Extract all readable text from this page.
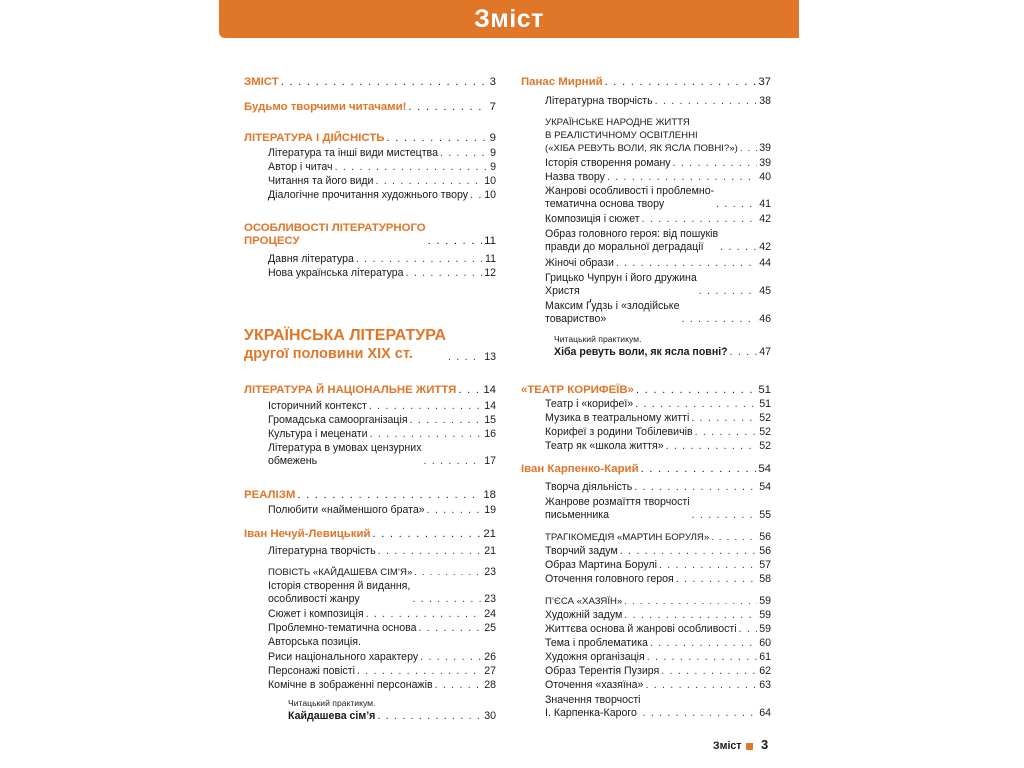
Зміст
ЗМІСТ . . .	3
Будьмо творчими читачами! . . .	7
ЛІТЕРАТУРА І ДІЙСНІСТЬ . . .	9
Література та інші види мистецтва . . .	9
Автор і читач . . .	9
Читання та його види . . .	10
Діалогічне прочитання художнього твору . . . 10
ОСОБЛИВОСТІ ЛІТЕРАТУРНОГО
ПРОЦЕСУ . . .	11
Давня література . . .	11
Нова українська література . . .	12
УКРАЇНСЬКА ЛІТЕРАТУРА
другої половини XIX ст. . . .	13
ЛІТЕРАТУРА Й НАЦІОНАЛЬНЕ ЖИТТЯ . . . 14
Історичний контекст . . .	14
Громадська самоорганізація . . .	15
Культура і меценати . . .	16
Література в умовах цензурних
обмежень . . .	17
РЕАЛІЗМ . . .	18
Полюбити «найменшого брата» . . .	19
Іван Нечуй-Левицький . . .	21
Літературна творчість . . .	21
ПОВІСТЬ «КАЙДАШЕВА СІМ’Я» . . .	23
Історія створення й видання,
особливості жанру . . .	23
Сюжет і композиція . . .	24
Проблемно-тематична основа . . .	25
Авторська позиція.
Риси національного характеру . . .	26
Персонажі повісті . . .	27
Комічне в зображенні персонажів . . .	28
Читацький практикум.
Кайдашева сім’я . . .	30
Панас Мирний . . .	37
Літературна творчість . . .	38
УКРАЇНСЬКЕ НАРОДНЕ ЖИТТЯ
В РЕАЛІСТИЧНОМУ ОСВІТЛЕННІ
(«ХІБА РЕВУТЬ ВОЛИ, ЯК ЯСЛА ПОВНІ?») . . . 39
Історія створення роману . . .	39
Назва твору . . .	40
Жанрові особливості і проблемно-
тематична основа твору . . .	41
Композиція і сюжет . . .	42
Образ головного героя: від пошуків
правди до моральної деградації . . .	42
Жіночі образи . . .	44
Грицько Чупрун і його дружина
Христя . . .	45
Максим Ґудзь і «злодійське
товариство» . . .	46
Читацький практикум.
Хіба ревуть воли, як ясла повні? . . .	47
«ТЕАТР КОРИФЕЇВ» . . .	51
Театр і «корифеї» . . .	51
Музика в театральному житті . . .	52
Корифеї з родини Тобілевичів . . .	52
Театр як «школа життя» . . .	52
Іван Карпенко-Карий . . .	54
Творча діяльність . . .	54
Жанрове розмаїття творчості
письменника . . .	55
ТРАГІКОМЕДІЯ «МАРТИН БОРУЛЯ» . . .	56
Творчий задум . . .	56
Образ Мартина Борулі . . .	57
Оточення головного героя . . .	58
П’ЄСА «ХАЗЯЇН» . . .	59
Художній задум . . .	59
Життєва основа й жанрові особливості . . . 59
Тема і проблематика . . .	60
Художня організація . . .	61
Образ Терентія Пузиря . . .	62
Оточення «хазяїна» . . .	63
Значення творчості
І. Карпенка-Карого . . .	64
Зміст 3
